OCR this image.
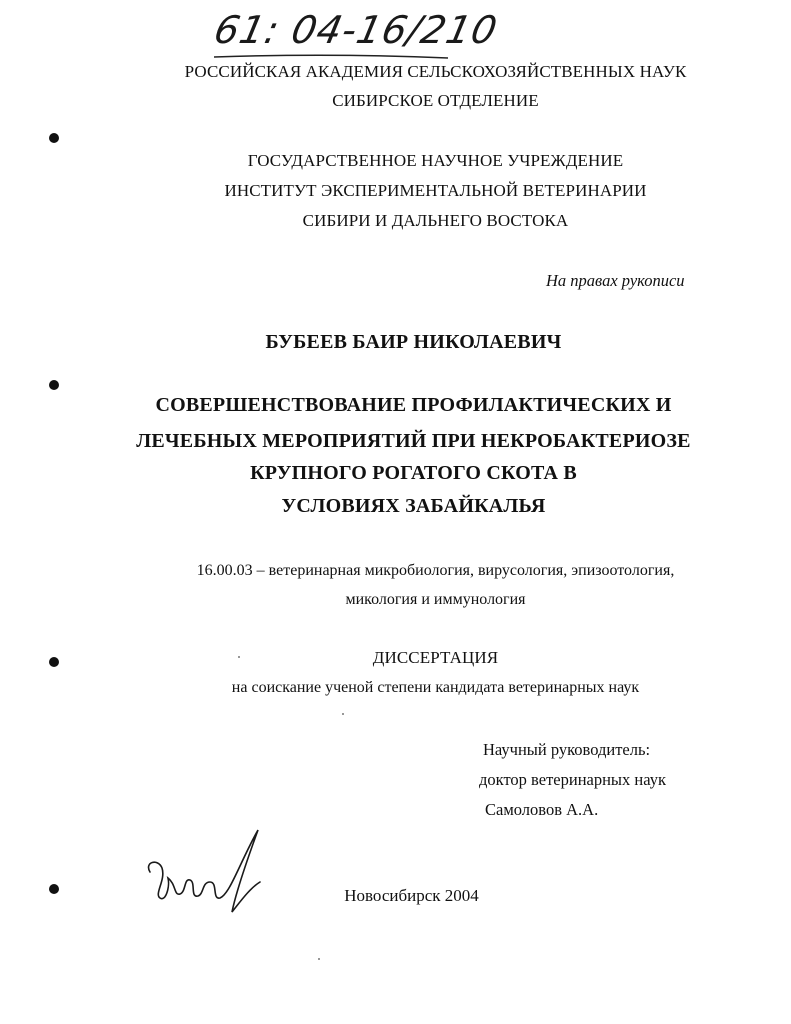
61: 04-16/210
РОССИЙСКАЯ АКАДЕМИЯ СЕЛЬСКОХОЗЯЙСТВЕННЫХ НАУК
СИБИРСКОЕ ОТДЕЛЕНИЕ
ГОСУДАРСТВЕННОЕ НАУЧНОЕ УЧРЕЖДЕНИЕ
ИНСТИТУТ ЭКСПЕРИМЕНТАЛЬНОЙ ВЕТЕРИНАРИИ
СИБИРИ И ДАЛЬНЕГО ВОСТОКА
На правах рукописи
БУБЕЕВ БАИР НИКОЛАЕВИЧ
СОВЕРШЕНСТВОВАНИЕ ПРОФИЛАКТИЧЕСКИХ И
ЛЕЧЕБНЫХ МЕРОПРИЯТИЙ ПРИ НЕКРОБАКТЕРИОЗЕ
КРУПНОГО РОГАТОГО СКОТА В
УСЛОВИЯХ ЗАБАЙКАЛЬЯ
16.00.03 – ветеринарная микробиология, вирусология, эпизоотология,
микология и иммунология
ДИССЕРТАЦИЯ
на соискание ученой степени кандидата ветеринарных наук
Научный руководитель:
доктор ветеринарных наук
Самоловов А.А.
Новосибирск 2004
